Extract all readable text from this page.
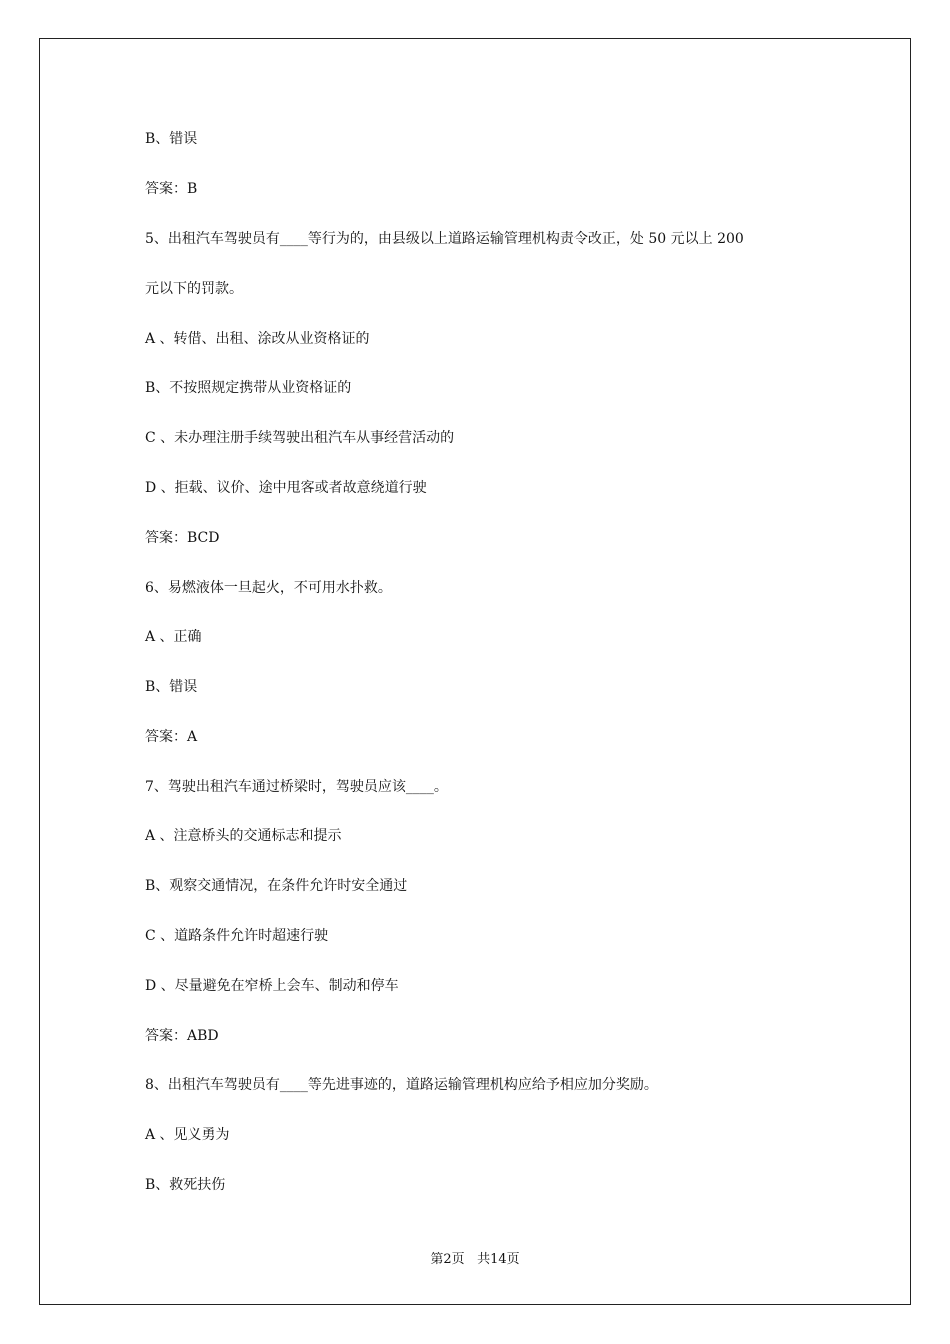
B、错误
答案：B
5、出租汽车驾驶员有____等行为的，由县级以上道路运输管理机构责令改正，处 50 元以上 200
元以下的罚款。
A 、转借、出租、涂改从业资格证的
B、不按照规定携带从业资格证的
C 、未办理注册手续驾驶出租汽车从事经营活动的
D 、拒载、议价、途中甩客或者故意绕道行驶
答案：BCD
6、易燃液体一旦起火，不可用水扑救。
A 、正确
B、错误
答案：A
7、驾驶出租汽车通过桥梁时，驾驶员应该____。
A 、注意桥头的交通标志和提示
B、观察交通情况，在条件允许时安全通过
C 、道路条件允许时超速行驶
D 、尽量避免在窄桥上会车、制动和停车
答案：ABD
8、出租汽车驾驶员有____等先进事迹的，道路运输管理机构应给予相应加分奖励。
A 、见义勇为
B、救死扶伤
第2页 共14页
